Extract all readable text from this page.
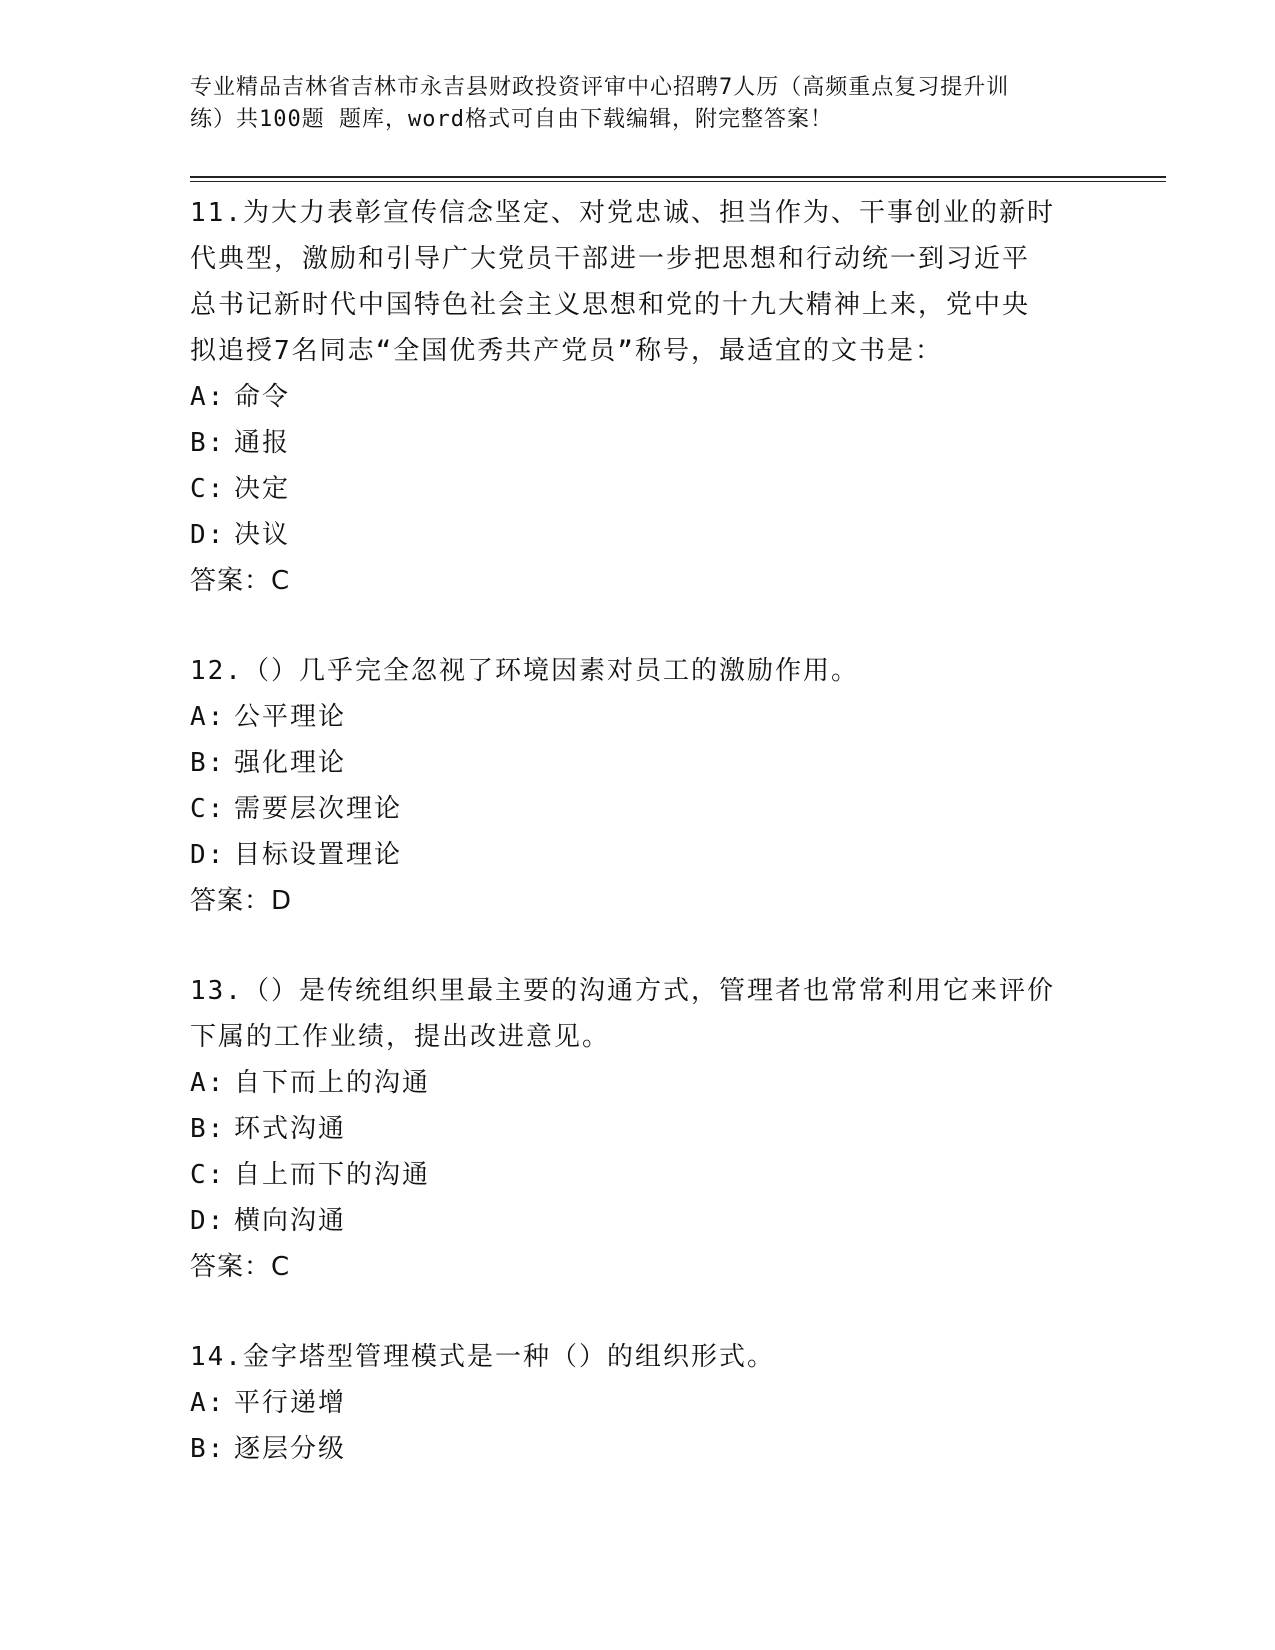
专业精品吉林省吉林市永吉县财政投资评审中心招聘7人历（高频重点复习提升训
练）共100题 题库，word格式可自由下载编辑，附完整答案！
11.为大力表彰宣传信念坚定、对党忠诚、担当作为、干事创业的新时
代典型，激励和引导广大党员干部进一步把思想和行动统一到习近平
总书记新时代中国特色社会主义思想和党的十九大精神上来，党中央
拟追授7名同志“全国优秀共产党员”称号，最适宜的文书是：
A: 命令
B: 通报
C: 决定
D: 决议
答案：C
12.（）几乎完全忽视了环境因素对员工的激励作用。
A: 公平理论
B: 强化理论
C: 需要层次理论
D: 目标设置理论
答案：D
13.（）是传统组织里最主要的沟通方式，管理者也常常利用它来评价
下属的工作业绩，提出改进意见。
A: 自下而上的沟通
B: 环式沟通
C: 自上而下的沟通
D: 横向沟通
答案：C
14.金字塔型管理模式是一种（）的组织形式。
A: 平行递增
B: 逐层分级
